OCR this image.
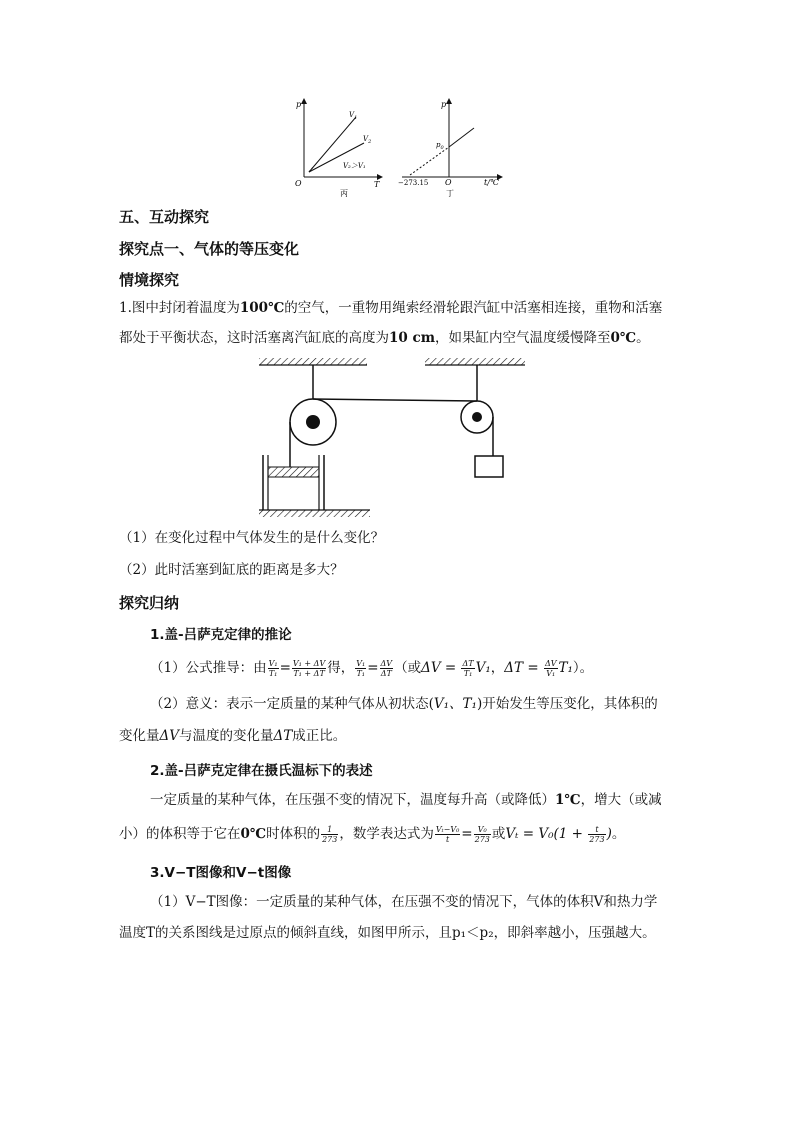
p
T
O
$V_1$
$V_2$
V₂＞V₁
丙
p
t/℃
O
$p_0$
−273.15
丁
五、互动探究
探究点一、气体的等压变化
情境探究
1.图中封闭着温度为100℃的空气，一重物用绳索经滑轮跟汽缸中活塞相连接，重物和活塞
都处于平衡状态，这时活塞离汽缸底的高度为10 cm，如果缸内空气温度缓慢降至0℃。
（1）在变化过程中气体发生的是什么变化？
（2）此时活塞到缸底的距离是多大？
探究归纳
1.盖-吕萨克定律的推论
（1）公式推导：由 $\frac{\text{V₁}}{\text{T₁}} = \frac{\text{V₁ + ΔV}}{\text{T₁ + ΔT}}$ 得， $\frac{\text{V₁}}{\text{T₁}} = \frac{\Delta V}{\Delta T}$ （或$\Delta V = \frac{\Delta T}{\text{T₁}} V_1$，$\Delta T = \frac{\Delta V}{\text{V₁}} T_1$）。
（2）意义：表示一定质量的某种气体从初状态(V₁、T₁)开始发生等压变化，其体积的
变化量ΔV与温度的变化量ΔT成正比。
2.盖-吕萨克定律在摄氏温标下的表述
一定质量的某种气体，在压强不变的情况下，温度每升高（或降低）1℃，增大（或减
小）的体积等于它在0℃时体积的 $\frac{1}{273}$ ，数学表达式为 $\frac{\text{Vₜ−V₀}}{t} = \frac{\text{V₀}}{273}$ 或$V_t = V_0(1 + \frac{t}{273}$ )。
3.V−T图像和V−t图像
（1）V−T图像：一定质量的某种气体，在压强不变的情况下，气体的体积V和热力学
温度T的关系图线是过原点的倾斜直线，如图甲所示，且p₁＜p₂，即斜率越小，压强越大。
